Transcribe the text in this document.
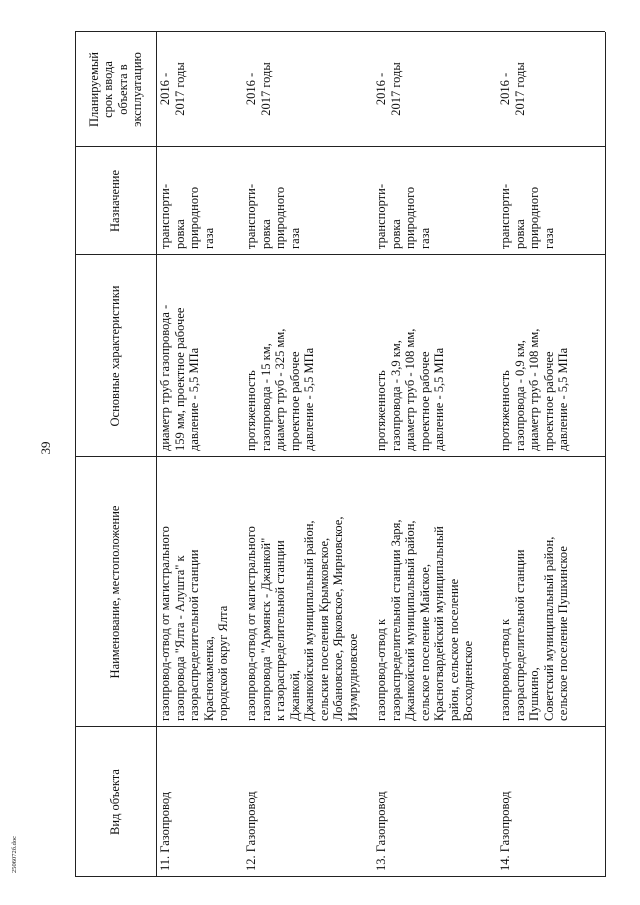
39
2506072б.doc
Вид объекта
Наименование, местоположение
Основные характеристики
Назначение
Планируемый
срок ввода
объекта в
эксплуатацию
11. Газопровод
газопровод-отвод от магистрального
газопровода "Ялта - Алушта" к
газораспределительной станции
Краснокаменка,
городской округ Ялта
диаметр труб газопровода -
159 мм, проектное рабочее
давление - 5,5 МПа
транспорти-
ровка
природного
газа
2016 -
2017 годы
12. Газопровод
газопровод-отвод от магистрального
газопровода "Армянск - Джанкой"
к газораспределительной станции
Джанкой,
Джанкойский муниципальный район,
сельские поселения Крымковское,
Лобановское, Ярковское, Мирновское,
Изумрудновское
протяженность
газопровода - 15 км,
диаметр труб - 325 мм,
проектное рабочее
давление - 5,5 МПа
транспорти-
ровка
природного
газа
2016 -
2017 годы
13. Газопровод
газопровод-отвод к
газораспределительной станции Заря,
Джанкойский муниципальный район,
сельское поселение Майское,
Красногвардейский муниципальный
район, сельское поселение
Восходненское
протяженность
газопровода - 3,9 км,
диаметр труб - 108 мм,
проектное рабочее
давление - 5,5 МПа
транспорти-
ровка
природного
газа
2016 -
2017 годы
14. Газопровод
газопровод-отвод к
газораспределительной станции
Пушкино,
Советский муниципальный район,
сельское поселение Пушкинское
протяженность
газопровода - 0,9 км,
диаметр труб - 108 мм,
проектное рабочее
давление - 5,5 МПа
транспорти-
ровка
природного
газа
2016 -
2017 годы
